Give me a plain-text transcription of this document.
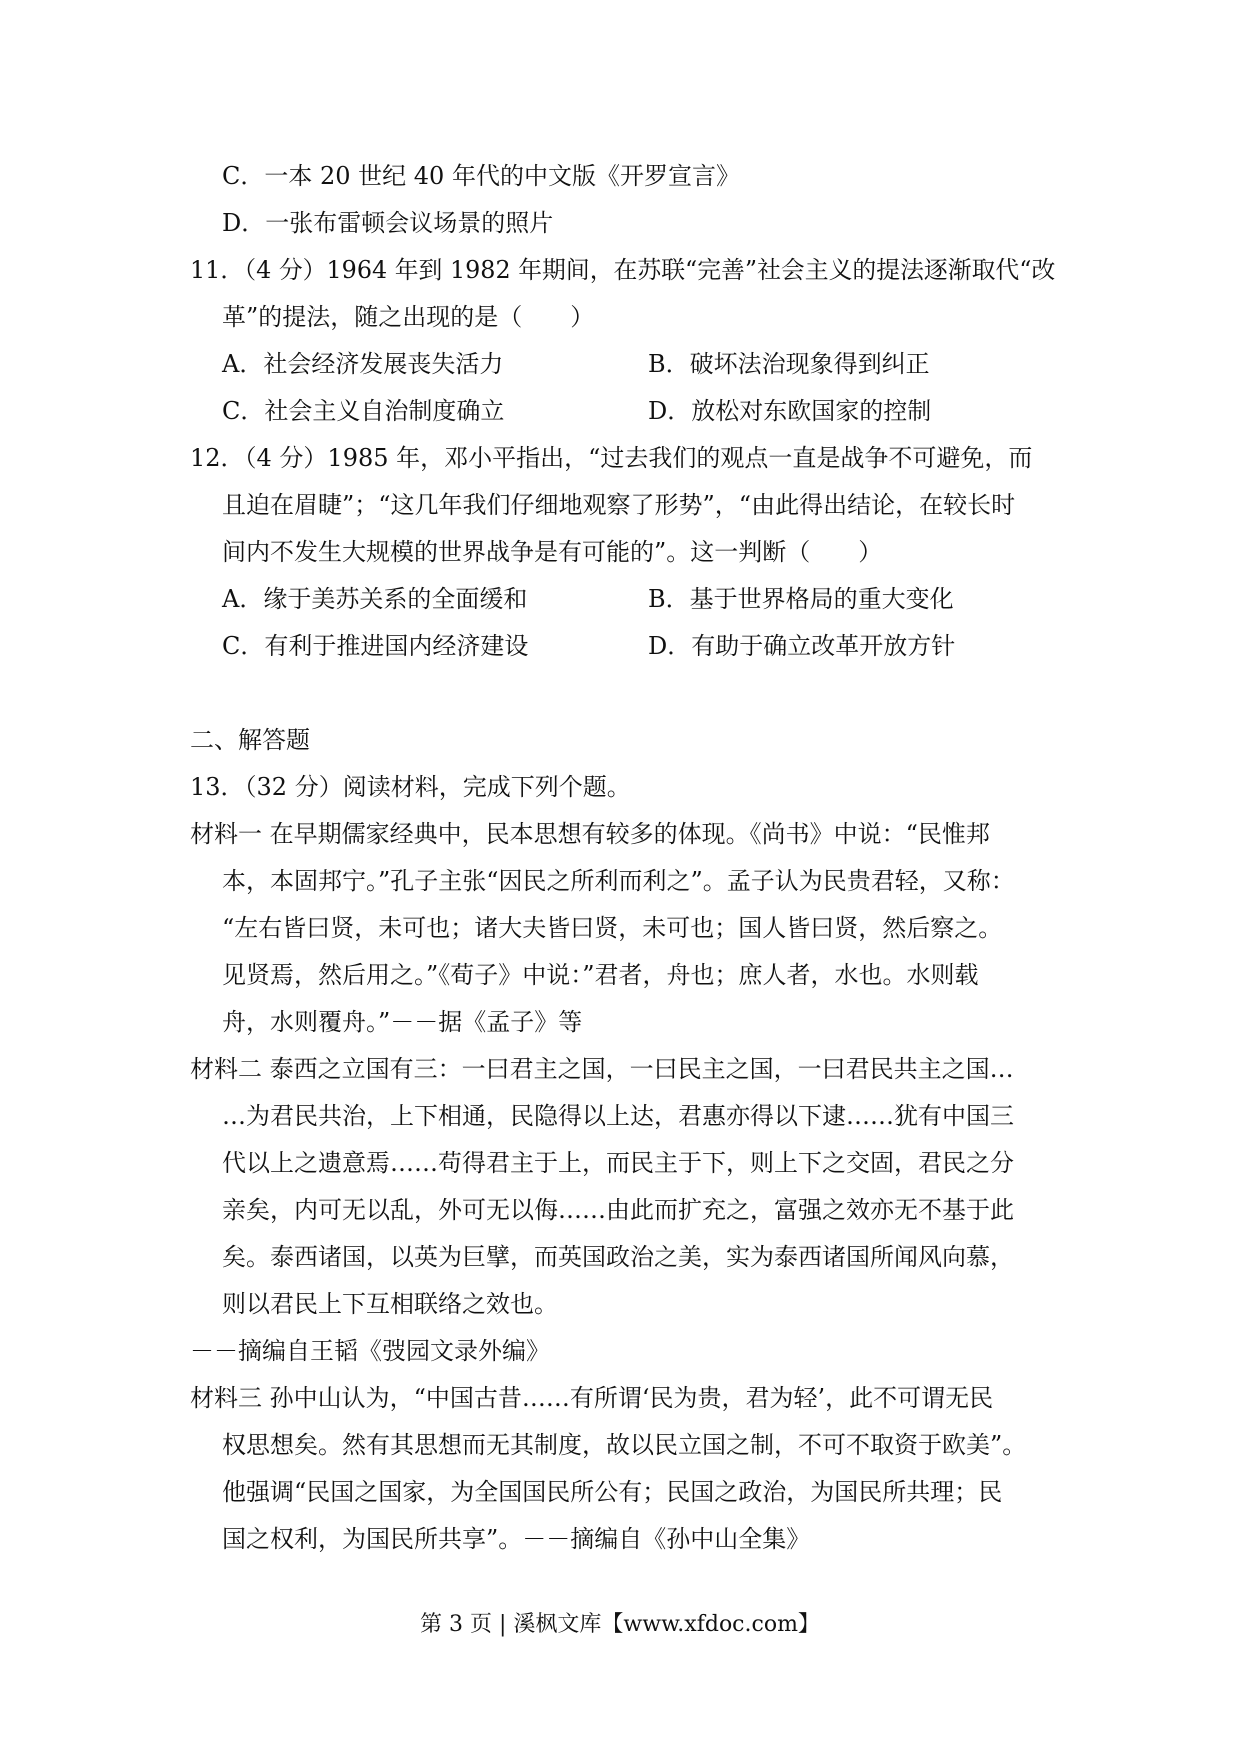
C．一本 20 世纪 40 年代的中文版《开罗宣言》
D．一张布雷顿会议场景的照片
11．（4 分）1964 年到 1982 年期间，在苏联“完善”社会主义的提法逐渐取代“改
革”的提法，随之出现的是（　　）
A．社会经济发展丧失活力	B．破坏法治现象得到纠正
C．社会主义自治制度确立	D．放松对东欧国家的控制
12．（4 分）1985 年，邓小平指出，“过去我们的观点一直是战争不可避免，而
且迫在眉睫”；“这几年我们仔细地观察了形势”，“由此得出结论，在较长时
间内不发生大规模的世界战争是有可能的”。这一判断（　　）
A．缘于美苏关系的全面缓和	B．基于世界格局的重大变化
C．有利于推进国内经济建设	D．有助于确立改革开放方针
二、解答题
13．（32 分）阅读材料，完成下列个题。
材料一 在早期儒家经典中，民本思想有较多的体现。《尚书》中说：“民惟邦
本，本固邦宁。”孔子主张“因民之所利而利之”。孟子认为民贵君轻，又称：
“左右皆曰贤，未可也；诸大夫皆曰贤，未可也；国人皆曰贤，然后察之。
见贤焉，然后用之。”《荀子》中说：”君者，舟也；庶人者，水也。水则载
舟，水则覆舟。”－－据《孟子》等
材料二 泰西之立国有三：一曰君主之国，一曰民主之国，一曰君民共主之国…
…为君民共治，上下相通，民隐得以上达，君惠亦得以下逮……犹有中国三
代以上之遗意焉……苟得君主于上，而民主于下，则上下之交固，君民之分
亲矣，内可无以乱，外可无以侮……由此而扩充之，富强之效亦无不基于此
矣。泰西诸国，以英为巨擘，而英国政治之美，实为泰西诸国所闻风向慕，
则以君民上下互相联络之效也。
－－摘编自王韬《弢园文录外编》
材料三 孙中山认为，“中国古昔……有所谓‘民为贵，君为轻’，此不可谓无民
权思想矣。然有其思想而无其制度，故以民立国之制，不可不取资于欧美”。
他强调“民国之国家，为全国国民所公有；民国之政治，为国民所共理；民
国之权利，为国民所共享”。－－摘编自《孙中山全集》
第 3 页 | 溪枫文库【www.xfdoc.com】
